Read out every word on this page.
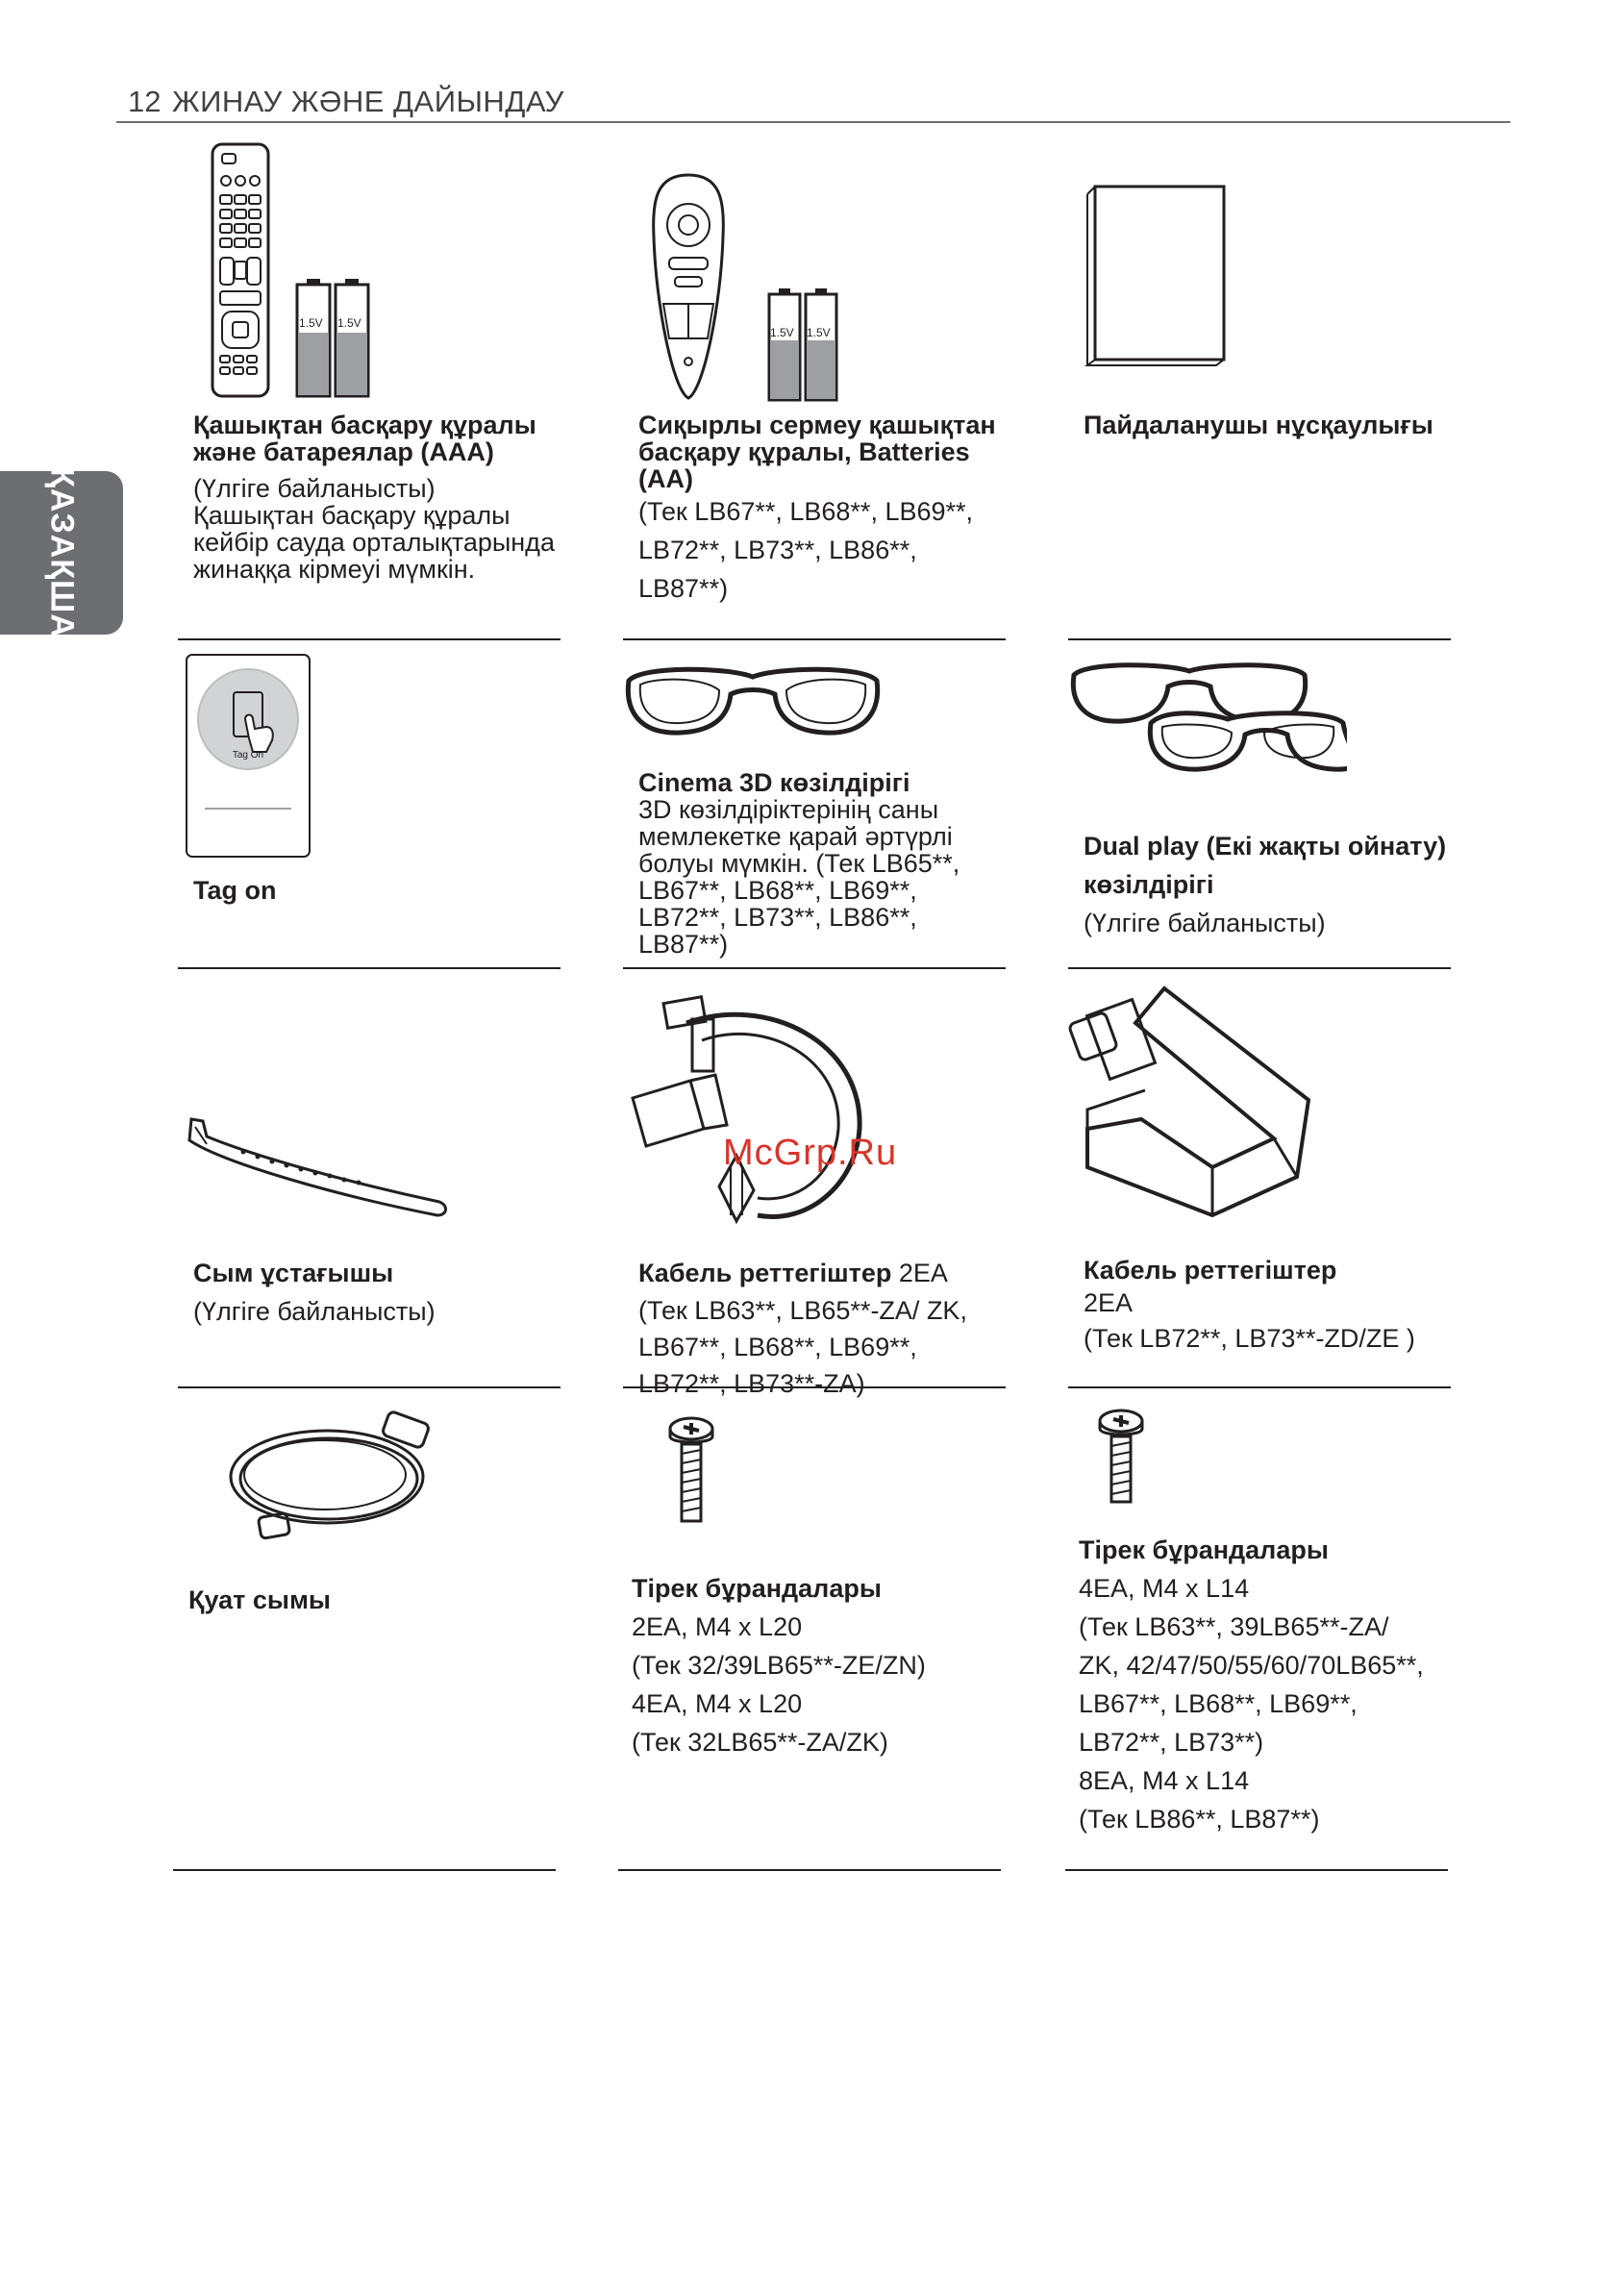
12 ЖИНАУ ЖӘНЕ ДАЙЫНДАУ
ҚАЗАҚША
1.5V 1.5V
Қашықтан басқару құралы және батареялар (AAA)
(Үлгіге байланысты) Қашықтан басқару құралы кейбір сауда орталықтарында жинаққа кірмеуі мүмкін.
1.5V 1.5V
Сиқырлы сермеу қашықтан басқару құралы, Batteries (AA)
(Тек LB67**, LB68**, LB69**, LB72**, LB73**, LB86**, LB87**)
Пайдаланушы нұсқаулығы
Tag On
Tag on
Cinema 3D көзілдірігі
3D көзілдіріктерінің саны мемлекетке қарай әртүрлі болуы мүмкін. (Тек LB65**, LB67**, LB68**, LB69**, LB72**, LB73**, LB86**, LB87**)
Dual play (Екі жақты ойнату) көзілдірігі
(Үлгіге байланысты)
Сым ұстағышы
(Үлгіге байланысты)
McGrp.Ru
Кабель реттегіштер 2EA
(Тек LB63**, LB65**-ZA/ ZK, LB67**, LB68**, LB69**, LB72**, LB73**-ZA)
Кабель реттегіштер
2EA
(Тек LB72**, LB73**-ZD/ZE )
Қуат сымы	Тірек бұрандалары
2EA, M4 x L20
(Тек 32/39LB65**-ZE/ZN)
4EA, M4 x L20
(Тек 32LB65**-ZA/ZK)
Тірек бұрандалары
4EA, M4 x L14
(Тек LB63**, 39LB65**-ZA/
ZK, 42/47/50/55/60/70LB65**,
LB67**, LB68**, LB69**,
LB72**, LB73**)
8EA, M4 x L14
(Тек LB86**, LB87**)
